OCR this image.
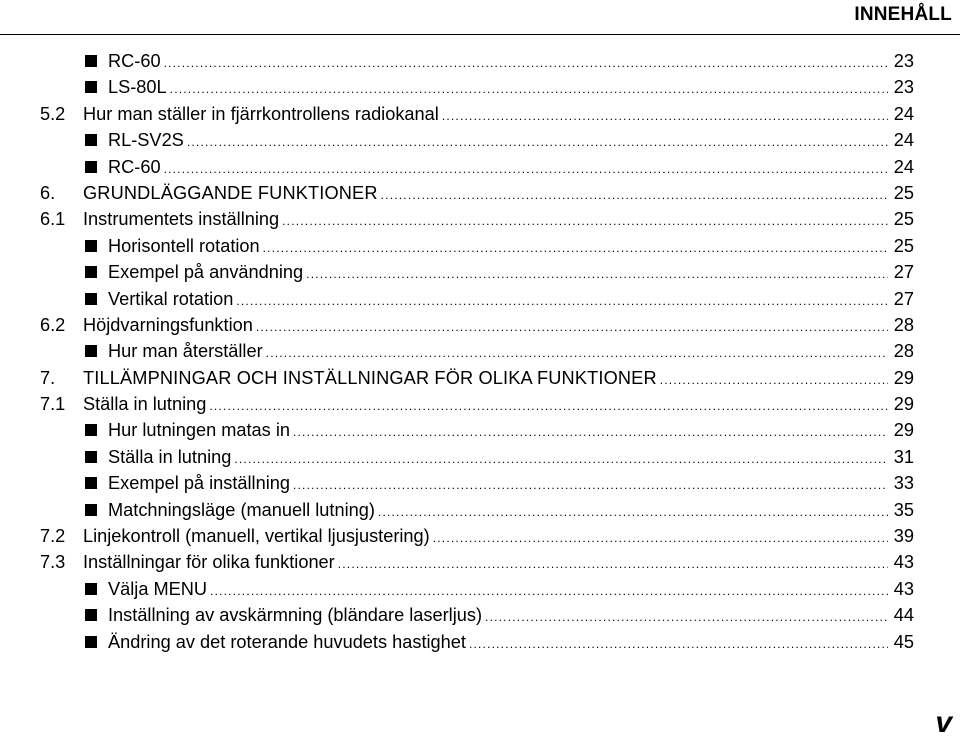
INNEHÅLL
RC-60 .....	23
LS-80L .....	23
5.2 Hur man ställer in fjärrkontrollens radiokanal .....	24
RL-SV2S .....	24
RC-60 .....	24
6.	GRUNDLÄGGANDE FUNKTIONER .....	25
6.1 Instrumentets inställning .....	25
Horisontell rotation .....	25
Exempel på användning .....	27
Vertikal rotation .....	27
6.2 Höjdvarningsfunktion .....	28
Hur man återställer .....	28
7.	TILLÄMPNINGAR OCH INSTÄLLNINGAR FÖR OLIKA FUNKTIONER .....	29
7.1 Ställa in lutning .....	29
Hur lutningen matas in .....	29
Ställa in lutning .....	31
Exempel på inställning .....	33
Matchningsläge (manuell lutning) .....	35
7.2 Linjekontroll (manuell, vertikal ljusjustering) .....	39
7.3 Inställningar för olika funktioner .....	43
Välja MENU .....	43
Inställning av avskärmning (bländare laserljus) .....	44
Ändring av det roterande huvudets hastighet .....	45
v
